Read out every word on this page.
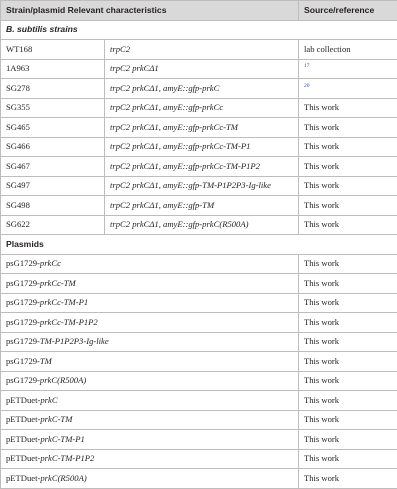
Strain/plasmid Relevant characteristics		Source/reference
B. subtilis strains		
WT168	trpC2	lab collection
1A963	trpC2 prkCΔ1	$^{17}$
SG278	trpC2 prkCΔ1, amyE::gfp-prkC	$^{20}$
SG355	trpC2 prkCΔ1, amyE::gfp-prkCc	This work
SG465	trpC2 prkCΔ1, amyE::gfp-prkCc-TM	This work
SG466	trpC2 prkCΔ1, amyE::gfp-prkCc-TM-P1	This work
SG467	trpC2 prkCΔ1, amyE::gfp-prkCc-TM-P1P2	This work
SG497	trpC2 prkCΔ1, amyE::gfp-TM-P1P2P3-Ig-like	This work
SG498	trpC2 prkCΔ1, amyE::gfp-TM	This work
SG622	trpC2 prkCΔ1, amyE::gfp-prkC(R500A)	This work
Plasmids		
psG1729-prkCc		This work
psG1729-prkCc-TM		This work
psG1729-prkCc-TM-P1		This work
psG1729-prkCc-TM-P1P2		This work
psG1729-TM-P1P2P3-Ig-like		This work
psG1729-TM		This work
psG1729-prkC(R500A)		This work
pETDuet-prkC		This work
pETDuet-prkC-TM		This work
pETDuet-prkC-TM-P1		This work
pETDuet-prkC-TM-P1P2		This work
pETDuet-prkC(R500A)		This work
